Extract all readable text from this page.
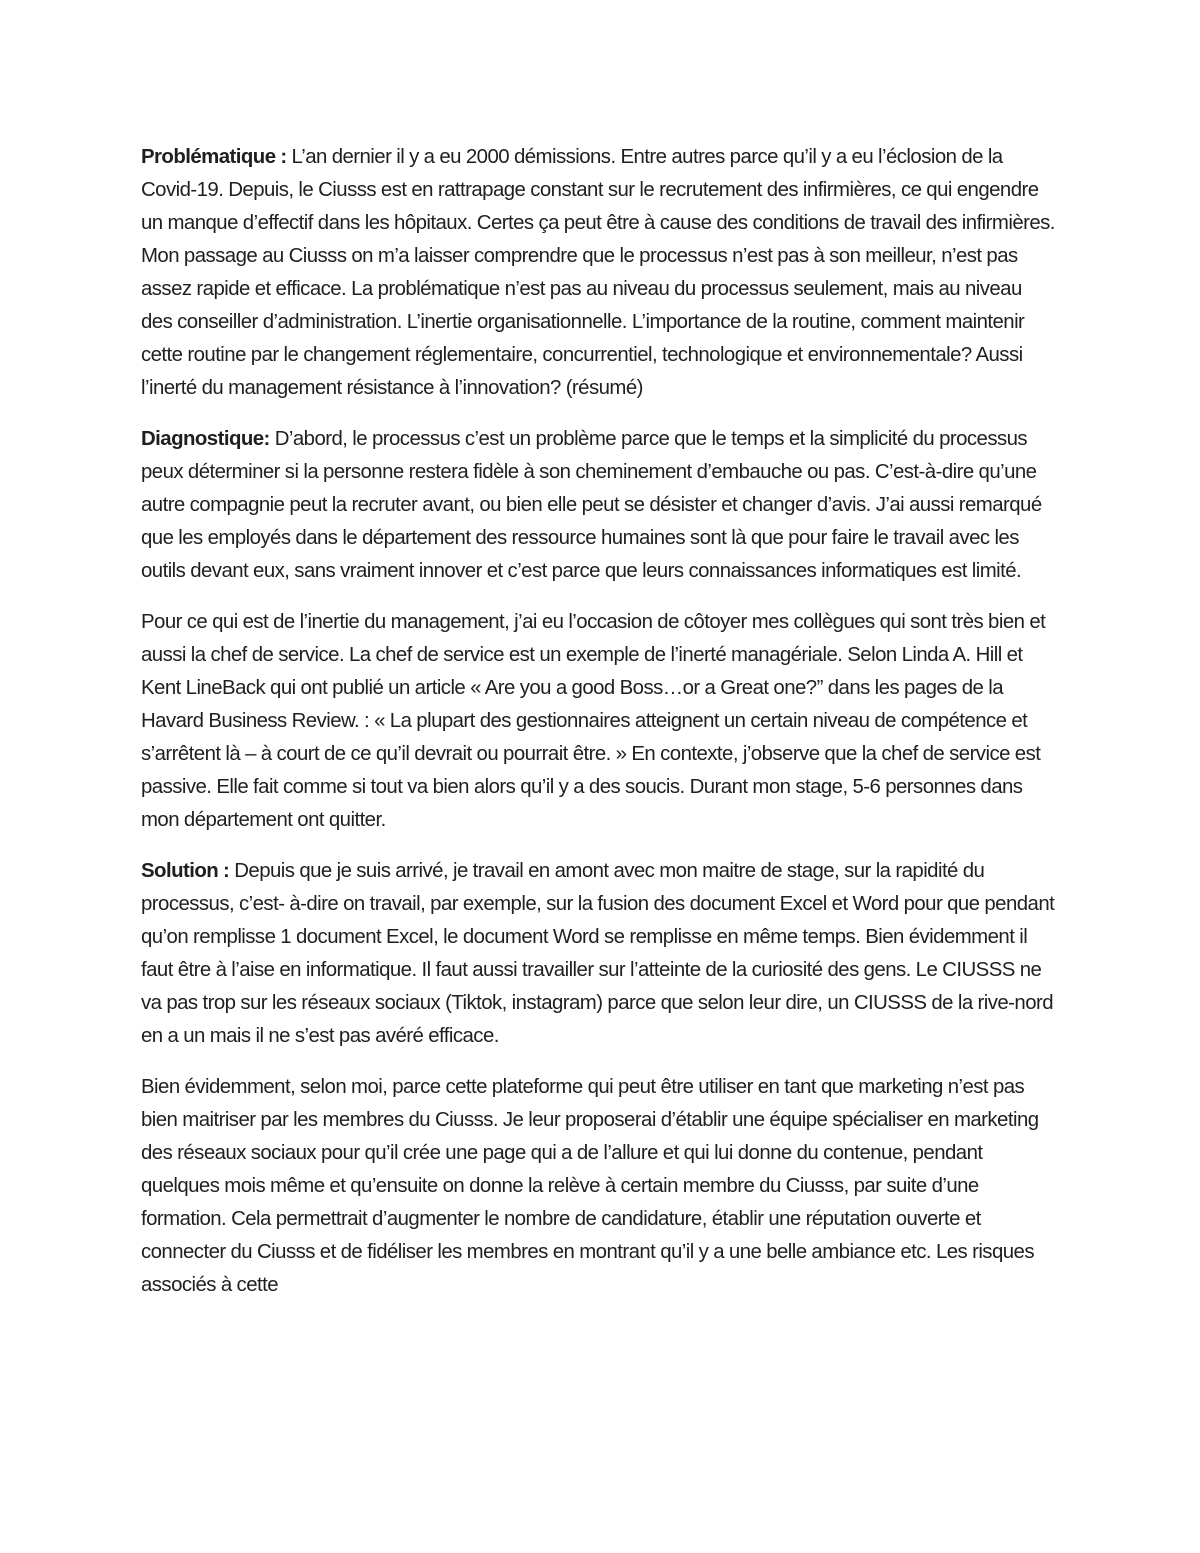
Problématique : L’an dernier il y a eu 2000 démissions. Entre autres parce qu’il y a eu l’éclosion de la Covid-19. Depuis, le Ciusss est en rattrapage constant sur le recrutement des infirmières, ce qui engendre un manque d’effectif dans les hôpitaux. Certes ça peut être à cause des conditions de travail des infirmières. Mon passage au Ciusss on m’a laisser comprendre que le processus n’est pas à son meilleur, n’est pas assez rapide et efficace. La problématique n’est pas au niveau du processus seulement, mais au niveau des conseiller d’administration. L’inertie organisationnelle. L’importance de la routine, comment maintenir cette routine par le changement réglementaire, concurrentiel, technologique et environnementale? Aussi l’inerté du management résistance à l’innovation? (résumé)

Diagnostique: D’abord, le processus c’est un problème parce que le temps et la simplicité du processus peux déterminer si la personne restera fidèle à son cheminement d’embauche ou pas. C’est-à-dire qu’une autre compagnie peut la recruter avant, ou bien elle peut se désister et changer d’avis. J’ai aussi remarqué que les employés dans le département des ressource humaines sont là que pour faire le travail avec les outils devant eux, sans vraiment innover et c’est parce que leurs connaissances informatiques est limité.

Pour ce qui est de l’inertie du management, j’ai eu l’occasion de côtoyer mes collègues qui sont très bien et aussi la chef de service. La chef de service est un exemple de l’inerté managériale. Selon Linda A. Hill et Kent LineBack qui ont publié un article « Are you a good Boss…or a Great one?” dans les pages de la Havard Business Review. : « La plupart des gestionnaires atteignent un certain niveau de compétence et s’arrêtent là – à court de ce qu’il devrait ou pourrait être. » En contexte, j’observe que la chef de service est passive. Elle fait comme si tout va bien alors qu’il y a des soucis. Durant mon stage, 5-6 personnes dans mon département ont quitter.

Solution : Depuis que je suis arrivé, je travail en amont avec mon maitre de stage, sur la rapidité du processus, c’est- à-dire on travail, par exemple, sur la fusion des document Excel et Word pour que pendant qu’on remplisse 1 document Excel, le document Word se remplisse en même temps. Bien évidemment il faut être à l’aise en informatique. Il faut aussi travailler sur l’atteinte de la curiosité des gens. Le CIUSSS ne va pas trop sur les réseaux sociaux (Tiktok, instagram) parce que selon leur dire, un CIUSSS de la rive-nord en a un mais il ne s’est pas avéré efficace.

Bien évidemment, selon moi, parce cette plateforme qui peut être utiliser en tant que marketing n’est pas bien maitriser par les membres du Ciusss. Je leur proposerai d’établir une équipe spécialiser en marketing des réseaux sociaux pour qu’il crée une page qui a de l’allure et qui lui donne du contenue, pendant quelques mois même et qu’ensuite on donne la relève à certain membre du Ciusss, par suite d’une formation. Cela permettrait d’augmenter le nombre de candidature, établir une réputation ouverte et connecter du Ciusss et de fidéliser les membres en montrant qu’il y a une belle ambiance etc. Les risques associés à cette
